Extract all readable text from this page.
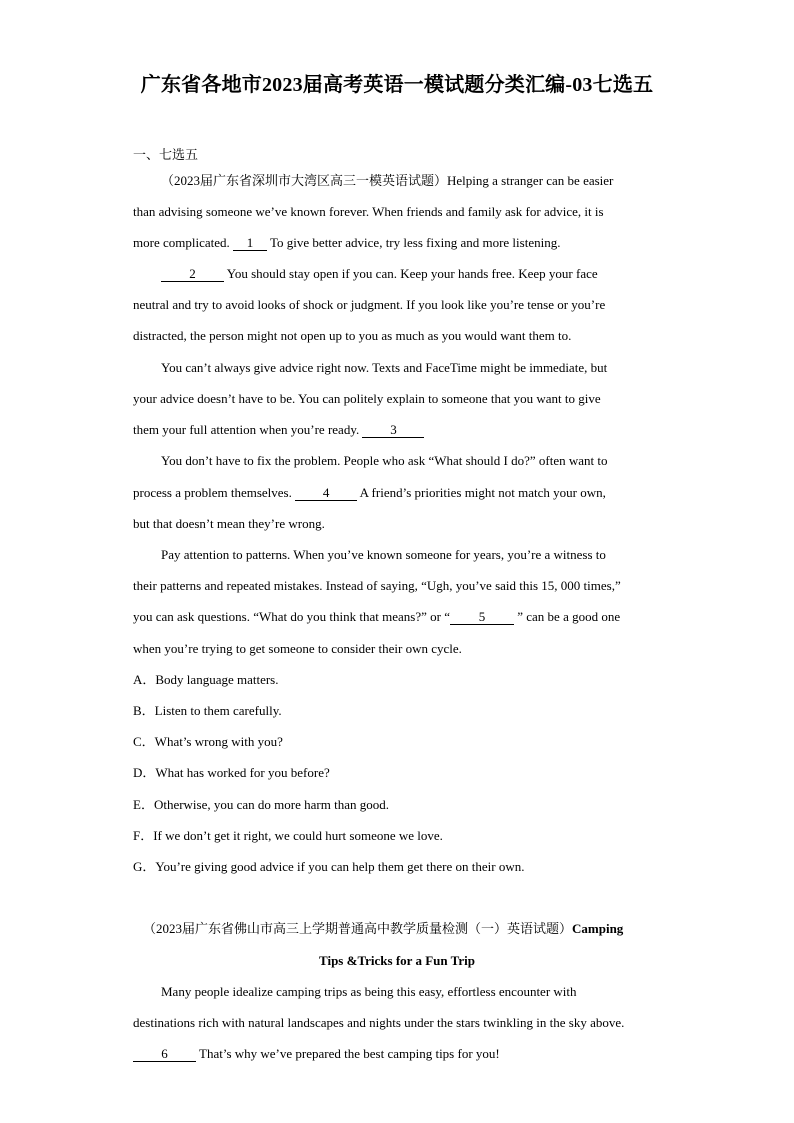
广东省各地市2023届高考英语一模试题分类汇编-03七选五
一、七选五
（2023届广东省深圳市大湾区高三一模英语试题）Helping a stranger can be easier
than advising someone we’ve known forever. When friends and family ask for advice, it is
more complicated. 1 To give better advice, try less fixing and more listening.
2 You should stay open if you can. Keep your hands free. Keep your face
neutral and try to avoid looks of shock or judgment. If you look like you’re tense or you’re
distracted, the person might not open up to you as much as you would want them to.
You can’t always give advice right now. Texts and FaceTime might be immediate, but
your advice doesn’t have to be. You can politely explain to someone that you want to give
them your full attention when you’re ready. 3
You don’t have to fix the problem. People who ask “What should I do?” often want to
process a problem themselves. 4 A friend’s priorities might not match your own,
but that doesn’t mean they’re wrong.
Pay attention to patterns. When you’ve known someone for years, you’re a witness to
their patterns and repeated mistakes. Instead of saying, “Ugh, you’ve said this 15, 000 times,”
you can ask questions. “What do you think that means?” or “ 5 ” can be a good one
when you’re trying to get someone to consider their own cycle.
A．Body language matters.
B．Listen to them carefully.
C．What’s wrong with you?
D．What has worked for you before?
E．Otherwise, you can do more harm than good.
F．If we don’t get it right, we could hurt someone we love.
G．You’re giving good advice if you can help them get there on their own.
（2023届广东省佛山市高三上学期普通高中教学质量检测（一）英语试题）Camping
Tips &Tricks for a Fun Trip
Many people idealize camping trips as being this easy, effortless encounter with
destinations rich with natural landscapes and nights under the stars twinkling in the sky above.
6 That’s why we’ve prepared the best camping tips for you!
